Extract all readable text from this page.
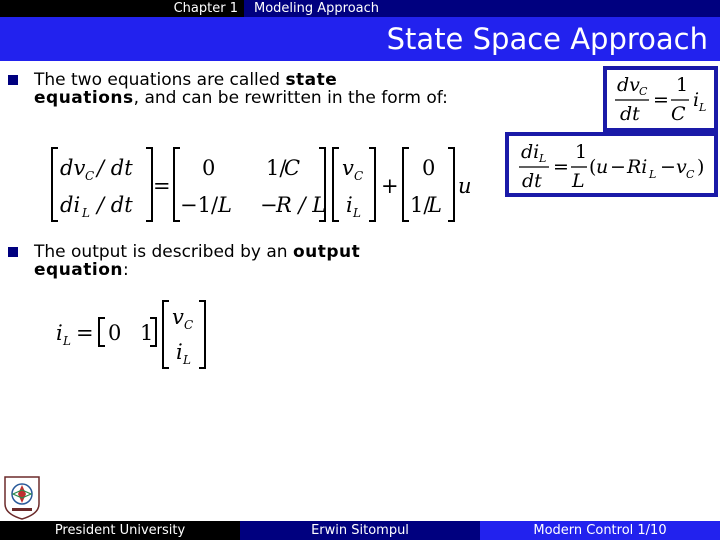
Chapter 1 Modeling Approach
State Space Approach
The two equations are called state equations, and can be rewritten in the form of:
dv C
dt
=
1
C
i L
di L
dt
=
1
L
( u − Ri L − v C )
dv C / dt
di L / dt
=
0 1/
C
−1/ L −
R / L
v C
i L
+
0
1/
L
u
The output is described by an output equation:
i L = 0 1
v C
i L
President University	Erwin Sitompul	Modern Control 1/10
